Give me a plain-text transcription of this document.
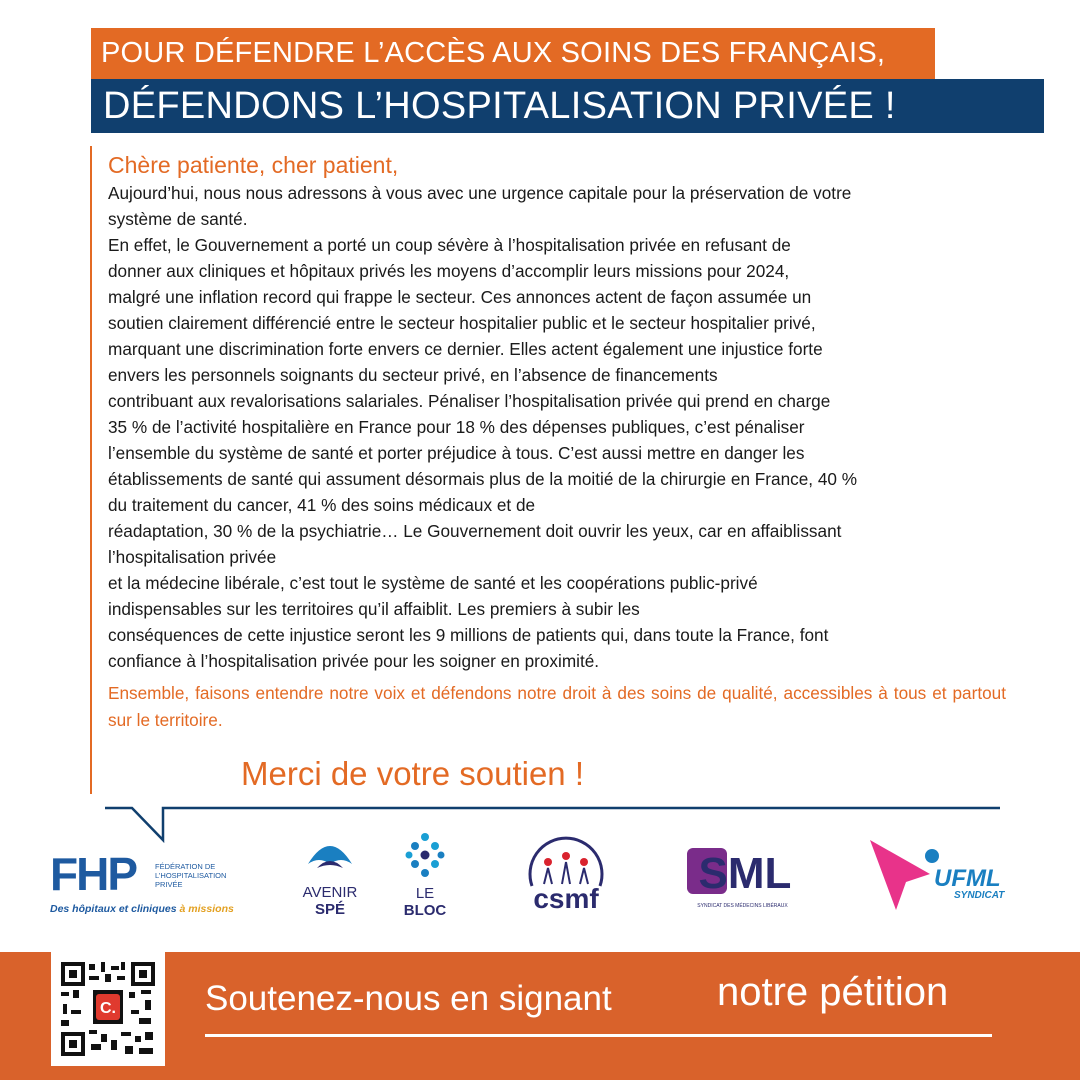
POUR DÉFENDRE L’ACCÈS AUX SOINS DES FRANÇAIS,
DÉFENDONS L’HOSPITALISATION PRIVÉE !
Chère patiente, cher patient,
Aujourd’hui, nous nous adressons à vous avec une urgence capitale pour la préservation de votre
système de santé.
En effet, le Gouvernement a porté un coup sévère à l’hospitalisation privée en refusant de
donner aux cliniques et hôpitaux privés les moyens d’accomplir leurs missions pour 2024,
malgré une inflation record qui frappe le secteur. Ces annonces actent de façon assumée un
soutien clairement différencié entre le secteur hospitalier public et le secteur hospitalier privé,
marquant une discrimination forte envers ce dernier. Elles actent également une injustice forte
envers les personnels soignants du secteur privé, en l’absence de financements
contribuant aux revalorisations salariales. Pénaliser l’hospitalisation privée qui prend en charge
35 % de l’activité hospitalière en France pour 18 % des dépenses publiques, c’est pénaliser
l’ensemble du système de santé et porter préjudice à tous. C’est aussi mettre en danger les
établissements de santé qui assument désormais plus de la moitié de la chirurgie en France, 40 %
du traitement du cancer, 41 % des soins médicaux et de
réadaptation, 30 % de la psychiatrie… Le Gouvernement doit ouvrir les yeux, car en affaiblissant
l’hospitalisation privée
et la médecine libérale, c’est tout le système de santé et les coopérations public-privé
indispensables sur les territoires qu’il affaiblit. Les premiers à subir les
conséquences de cette injustice seront les 9 millions de patients qui, dans toute la France, font
confiance à l’hospitalisation privée pour les soigner en proximité.
Ensemble, faisons entendre notre voix et défendons notre droit à des soins de qualité, accessibles à tous et partout sur le territoire.
Merci de votre soutien !
FHP	FÉDÉRATION DE L’HOSPITALISATION PRIVÉE
Des hôpitaux et cliniques à missions
AVENIR
SPÉ
LE
BLOC	csmf
SML
SYNDICAT DES MÉDECINS LIBÉRAUX
UFML
SYNDICAT
C.	Soutenez-nous en signant	notre pétition
